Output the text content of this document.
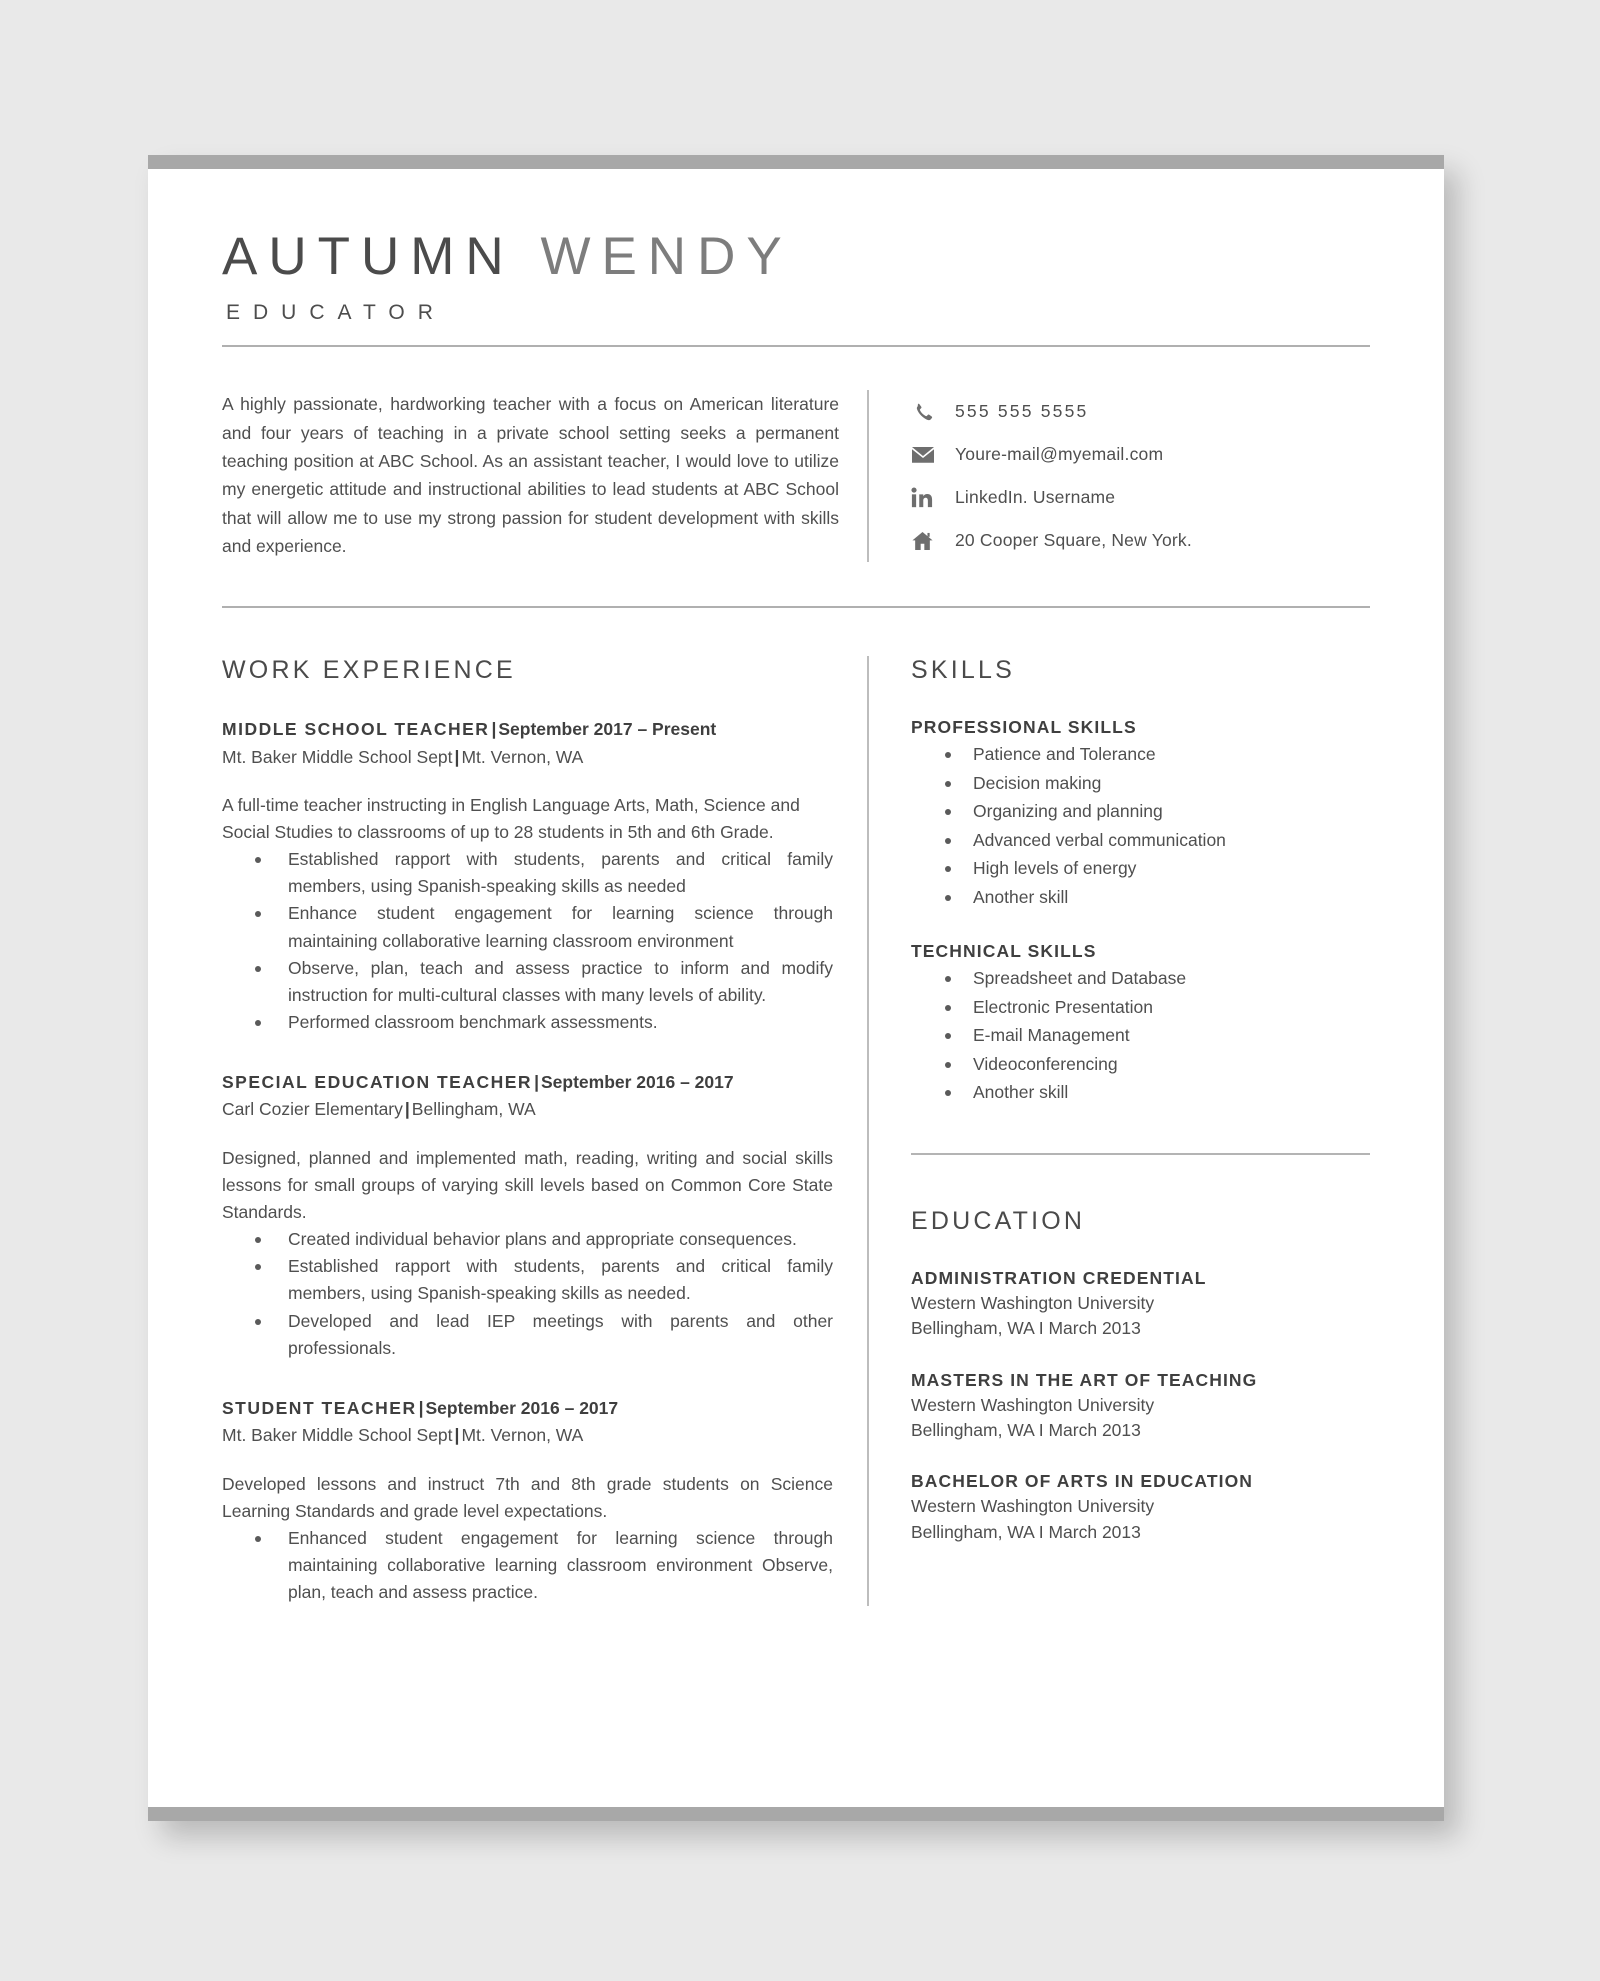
AUTUMN WENDY
EDUCATOR
A highly passionate, hardworking teacher with a focus on American literature and four years of teaching in a private school setting seeks a permanent teaching position at ABC School. As an assistant teacher, I would love to utilize my energetic attitude and instructional abilities to lead students at ABC School that will allow me to use my strong passion for student development with skills and experience.
555 555 5555
Youre-mail@myemail.com
LinkedIn. Username
20 Cooper Square, New York.
WORK EXPERIENCE

MIDDLE SCHOOL TEACHER | September 2017 – Present

Mt. Baker Middle School Sept | Mt. Vernon, WA

A full-time teacher instructing in English Language Arts, Math, Science and Social Studies to classrooms of up to 28 students in 5th and 6th Grade.

Established rapport with students, parents and critical family members, using Spanish-speaking skills as needed
Enhance student engagement for learning science through maintaining collaborative learning classroom environment
Observe, plan, teach and assess practice to inform and modify instruction for multi-cultural classes with many levels of ability.
Performed classroom benchmark assessments.

SPECIAL EDUCATION TEACHER | September 2016 – 2017

Carl Cozier Elementary | Bellingham, WA

Designed, planned and implemented math, reading, writing and social skills lessons for small groups of varying skill levels based on Common Core State Standards.

Created individual behavior plans and appropriate consequences.
Established rapport with students, parents and critical family members, using Spanish-speaking skills as needed.
Developed and lead IEP meetings with parents and other professionals.

STUDENT TEACHER | September 2016 – 2017

Mt. Baker Middle School Sept | Mt. Vernon, WA

Developed lessons and instruct 7th and 8th grade students on Science Learning Standards and grade level expectations.

Enhanced student engagement for learning science through maintaining collaborative learning classroom environment Observe, plan, teach and assess practice.
SKILLS
PROFESSIONAL SKILLS
Patience and Tolerance
Decision making
Organizing and planning
Advanced verbal communication
High levels of energy
Another skill
TECHNICAL SKILLS
Spreadsheet and Database
Electronic Presentation
E-mail Management
Videoconferencing
Another skill
EDUCATION
ADMINISTRATION CREDENTIAL

Western Washington University

Bellingham, WA I March 2013

MASTERS IN THE ART OF TEACHING

Western Washington University

Bellingham, WA I March 2013

BACHELOR OF ARTS IN EDUCATION

Western Washington University

Bellingham, WA I March 2013
